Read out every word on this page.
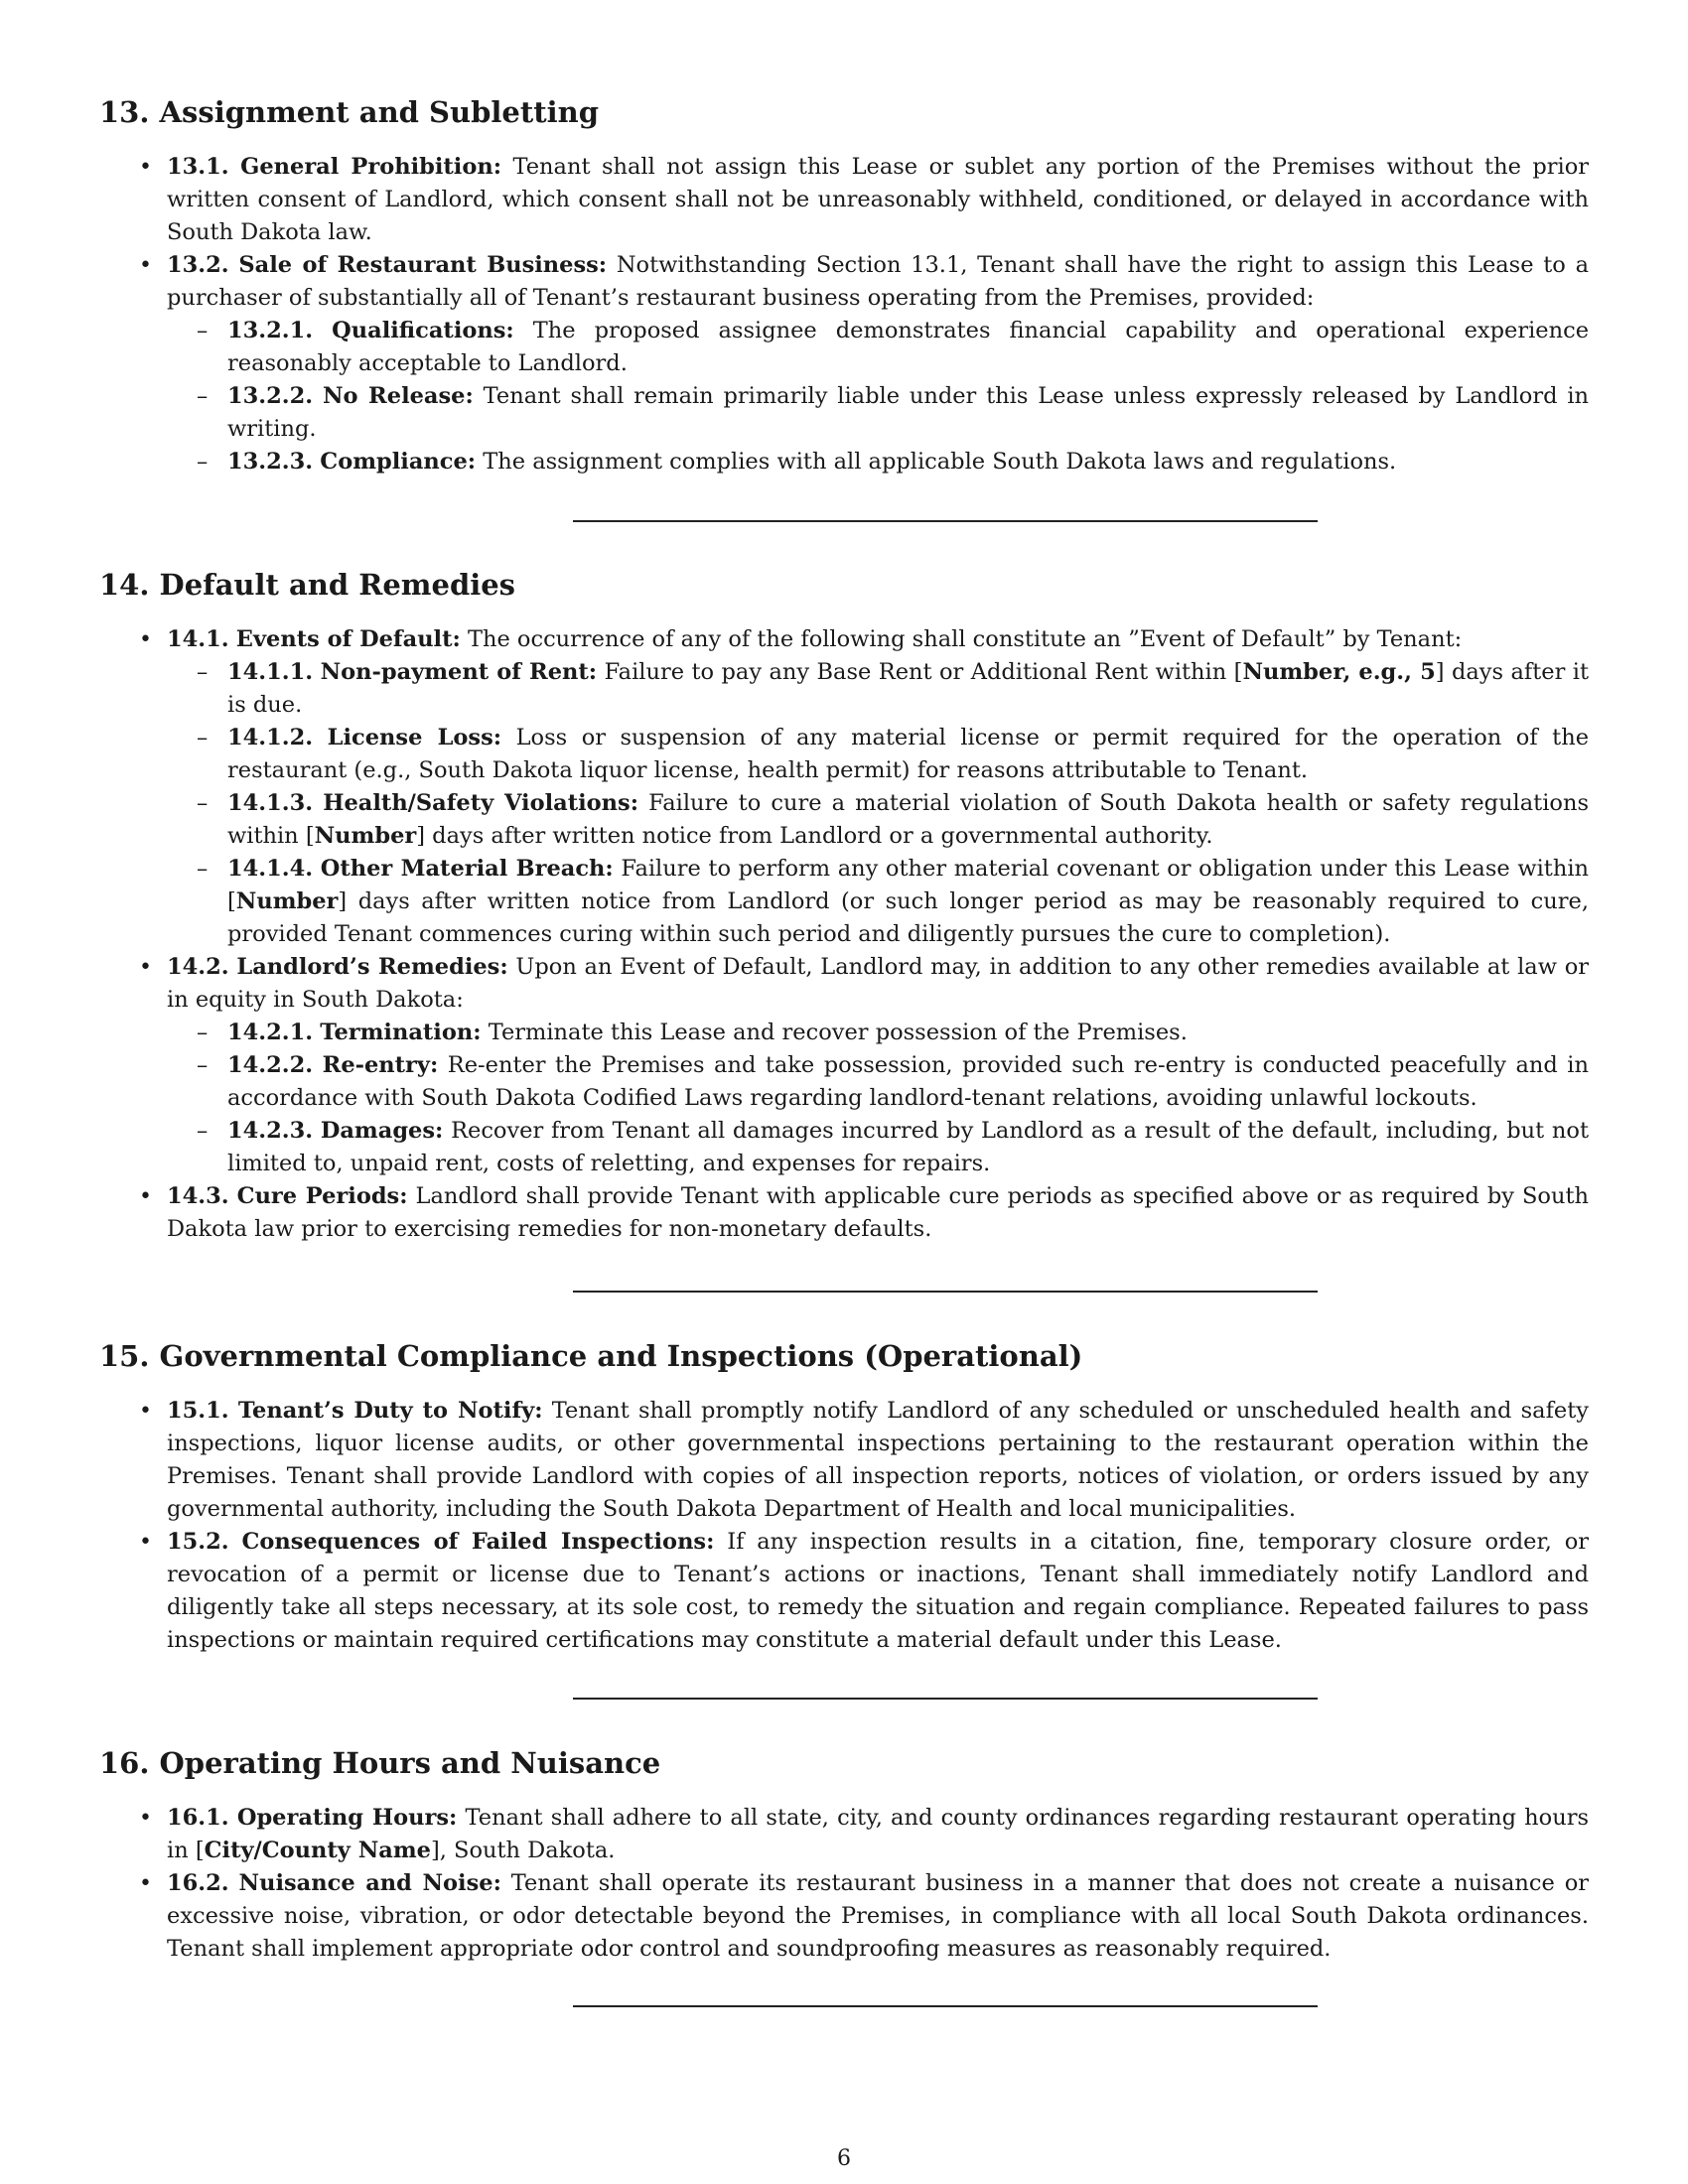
13. Assignment and Subletting

• 13.1. General Prohibition: Tenant shall not assign this Lease or sublet any portion of the Premises without the prior written consent of Landlord, which consent shall not be unreasonably withheld, conditioned, or delayed in accordance with South Dakota law.

• 13.2. Sale of Restaurant Business: Notwithstanding Section 13.1, Tenant shall have the right to assign this Lease to a purchaser of substantially all of Tenant’s restaurant business operating from the Premises, provided:

– 13.2.1. Qualifications: The proposed assignee demonstrates financial capability and operational experience reasonably acceptable to Landlord.

– 13.2.2. No Release: Tenant shall remain primarily liable under this Lease unless expressly released by Landlord in writing.

– 13.2.3. Compliance: The assignment complies with all applicable South Dakota laws and regulations.

14. Default and Remedies

• 14.1. Events of Default: The occurrence of any of the following shall constitute an ”Event of Default” by Tenant:

– 14.1.1. Non-payment of Rent: Failure to pay any Base Rent or Additional Rent within [Number, e.g., 5] days after it is due.

– 14.1.2. License Loss: Loss or suspension of any material license or permit required for the operation of the restaurant (e.g., South Dakota liquor license, health permit) for reasons attributable to Tenant.

– 14.1.3. Health/Safety Violations: Failure to cure a material violation of South Dakota health or safety regulations within [Number] days after written notice from Landlord or a governmental authority.

– 14.1.4. Other Material Breach: Failure to perform any other material covenant or obligation under this Lease within [Number] days after written notice from Landlord (or such longer period as may be reasonably required to cure, provided Tenant commences curing within such period and diligently pursues the cure to completion).

• 14.2. Landlord’s Remedies: Upon an Event of Default, Landlord may, in addition to any other remedies available at law or in equity in South Dakota:

– 14.2.1. Termination: Terminate this Lease and recover possession of the Premises.

– 14.2.2. Re-entry: Re-enter the Premises and take possession, provided such re-entry is conducted peacefully and in accordance with South Dakota Codified Laws regarding landlord-tenant relations, avoiding unlawful lockouts.

– 14.2.3. Damages: Recover from Tenant all damages incurred by Landlord as a result of the default, including, but not limited to, unpaid rent, costs of reletting, and expenses for repairs.

• 14.3. Cure Periods: Landlord shall provide Tenant with applicable cure periods as specified above or as required by South Dakota law prior to exercising remedies for non-monetary defaults.

15. Governmental Compliance and Inspections (Operational)

• 15.1. Tenant’s Duty to Notify: Tenant shall promptly notify Landlord of any scheduled or unscheduled health and safety inspections, liquor license audits, or other governmental inspections pertaining to the restaurant operation within the Premises. Tenant shall provide Landlord with copies of all inspection reports, notices of violation, or orders issued by any governmental authority, including the South Dakota Department of Health and local municipalities.

• 15.2. Consequences of Failed Inspections: If any inspection results in a citation, fine, temporary closure order, or revocation of a permit or license due to Tenant’s actions or inactions, Tenant shall immediately notify Landlord and diligently take all steps necessary, at its sole cost, to remedy the situation and regain compliance. Repeated failures to pass inspections or maintain required certifications may constitute a material default under this Lease.

16. Operating Hours and Nuisance

• 16.1. Operating Hours: Tenant shall adhere to all state, city, and county ordinances regarding restaurant operating hours in [City/County Name], South Dakota.

• 16.2. Nuisance and Noise: Tenant shall operate its restaurant business in a manner that does not create a nuisance or excessive noise, vibration, or odor detectable beyond the Premises, in compliance with all local South Dakota ordinances. Tenant shall implement appropriate odor control and soundproofing measures as reasonably required.

6
